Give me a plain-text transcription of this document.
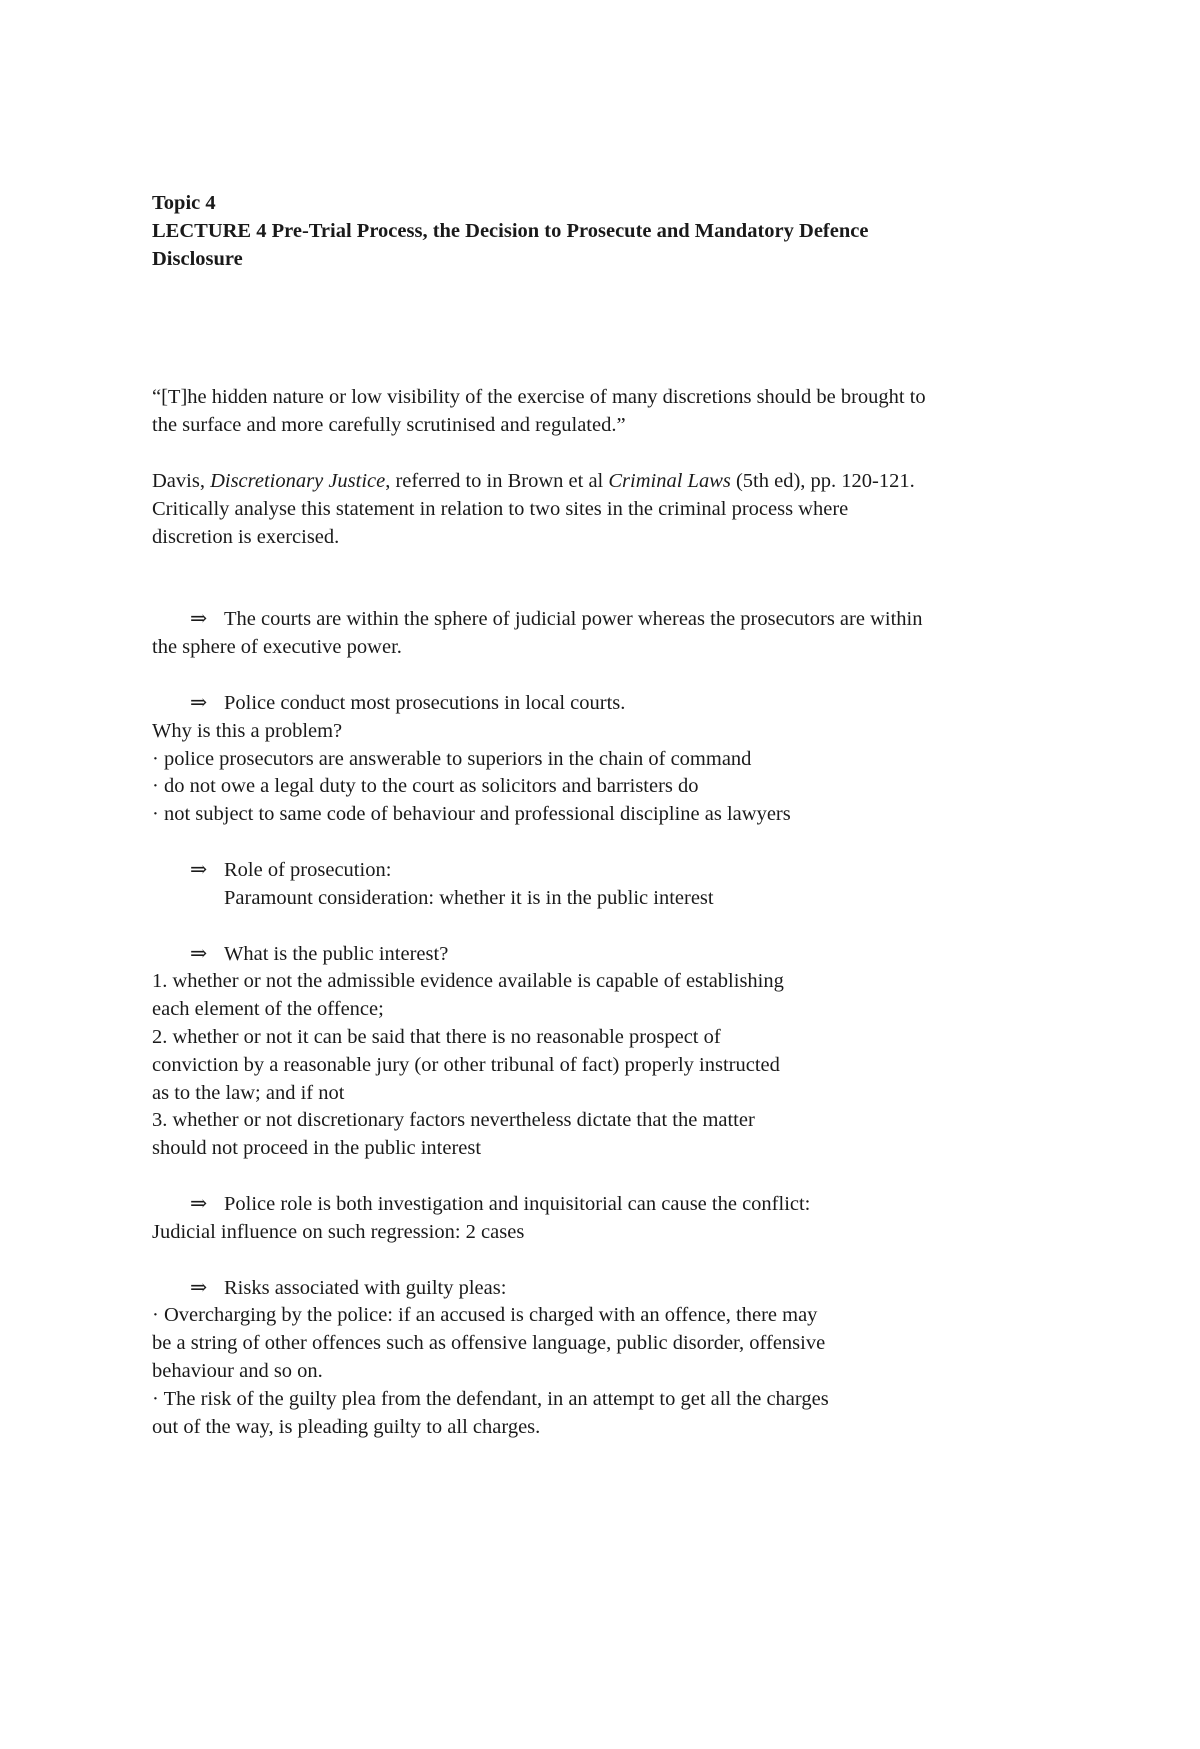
Topic 4
LECTURE 4 Pre-Trial Process, the Decision to Prosecute and Mandatory Defence
Disclosure
“[T]he hidden nature or low visibility of the exercise of many discretions should be brought to
the surface and more carefully scrutinised and regulated.”
Davis, Discretionary Justice, referred to in Brown et al Criminal Laws (5th ed), pp. 120-121.
Critically analyse this statement in relation to two sites in the criminal process where
discretion is exercised.
⇒ The courts are within the sphere of judicial power whereas the prosecutors are within
the sphere of executive power.
⇒ Police conduct most prosecutions in local courts.
Why is this a problem?
· police prosecutors are answerable to superiors in the chain of command
· do not owe a legal duty to the court as solicitors and barristers do
· not subject to same code of behaviour and professional discipline as lawyers
⇒ Role of prosecution:
Paramount consideration: whether it is in the public interest
⇒ What is the public interest?
1. whether or not the admissible evidence available is capable of establishing
each element of the offence;
2. whether or not it can be said that there is no reasonable prospect of
conviction by a reasonable jury (or other tribunal of fact) properly instructed
as to the law; and if not
3. whether or not discretionary factors nevertheless dictate that the matter
should not proceed in the public interest
⇒ Police role is both investigation and inquisitorial can cause the conflict:
Judicial influence on such regression: 2 cases
⇒ Risks associated with guilty pleas:
· Overcharging by the police: if an accused is charged with an offence, there may
be a string of other offences such as offensive language, public disorder, offensive
behaviour and so on.
· The risk of the guilty plea from the defendant, in an attempt to get all the charges
out of the way, is pleading guilty to all charges.
